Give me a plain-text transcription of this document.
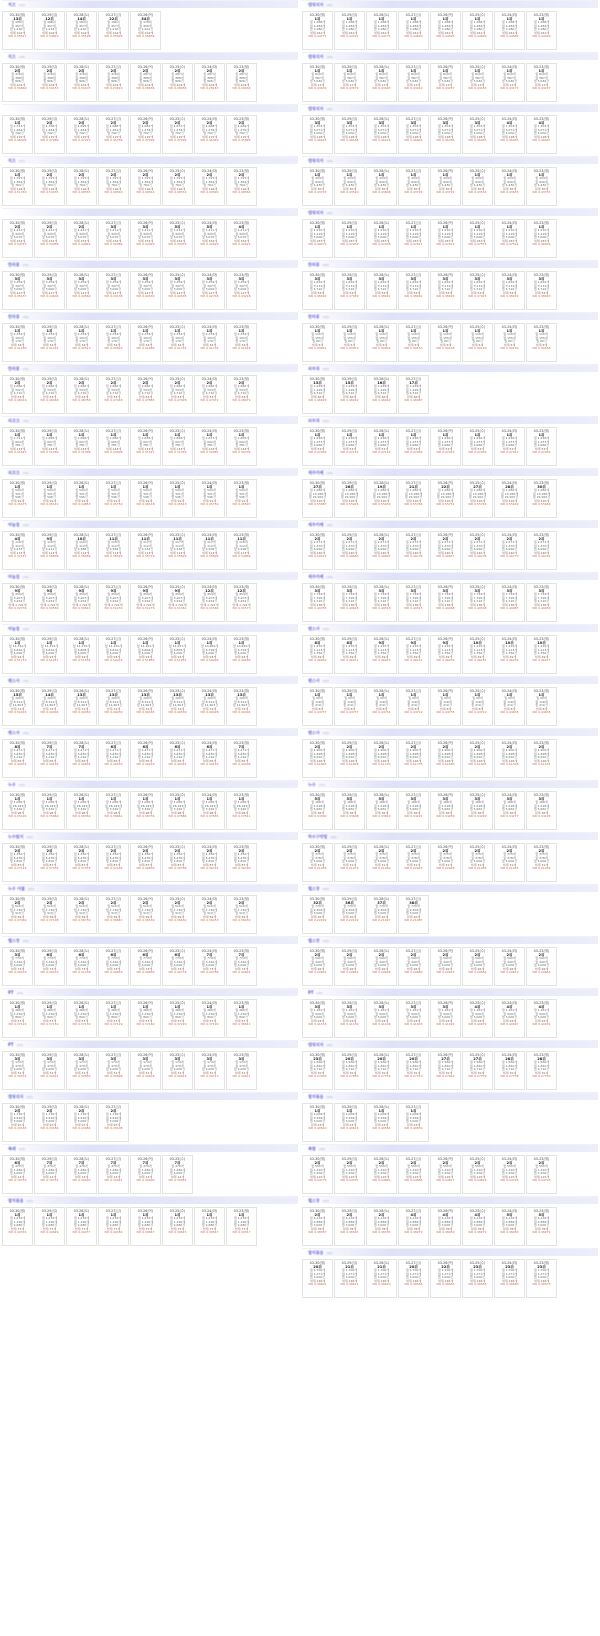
치즈 (31)
03-30(월)
13위
월 189위
월 457개
월 1,230건
업체 104개
NO 0.35617
03-29(일)
12위
월 188위
월 457개
월 1,224건
업체 104개
NO 0.34810
03-28(토)
14위
월 184위
월 457개
월 1,220건
업체 104개
NO 0.35198
03-27(금)
22위
월 180위
월 457개
월 1,210건
업체 104개
NO 0.35928
03-26(목)
34위
월 178위
월 456개
월 1,201건
업체 104개
NO 0.36634
치즈 (29)
03-30(월)
2위
월 318위
월 388개
월 806건
업체 104개
NO 0.30660
03-29(일)
2위
월 318위
월 388개
월 806건
업체 104개
NO 0.30153
03-28(토)
2위
월 318위
월 388개
월 806건
업체 104개
NO 0.30107
03-27(금)
2위
월 318위
월 388개
월 806건
업체 104개
NO 0.29610
03-26(목)
2위
월 287위
월 388개
월 806건
업체 104개
NO 0.28636
03-25(수)
2위
월 287위
월 388개
월 806건
업체 104개
NO 0.28058
03-24(화)
2위
월 287위
월 388개
월 806건
업체 104개
NO 0.28167
03-23(월)
2위
월 287위
월 388개
월 806건
업체 104개
NO 0.29032
03-30(월)
1위
월 1,713개
월 1,464개
월 792건
업체 115개
NO 0.46405
03-29(일)
2위
월 1,706개
월 1,463개
월 792건
업체 115개
NO 0.47080
03-28(토)
2위
월 1,695개
월 1,463개
월 792건
업체 115개
NO 0.47223
03-27(금)
2위
월 1,688개
월 1,461개
월 792건
업체 115개
NO 0.45756
03-26(목)
2위
월 1,682개
월 1,478개
월 792건
업체 115개
NO 0.47092
03-25(수)
2위
월 1,672개
월 1,478개
월 792건
업체 115개
NO 0.47092
03-24(화)
2위
월 1,668개
월 1,476개
월 792건
업체 115개
NO 0.46340
03-23(월)
2위
월 1,669개
월 1,470개
월 792건
업체 115개
NO 0.45828
치즈 (31)
03-30(월)
1위
월 1,797개
월 1,364개
월 764건
업체 116개
NO 0.51740
03-29(일)
2위
월 1,797개
월 1,364개
월 764건
업체 116개
NO 0.50435
03-28(토)
2위
월 1,797개
월 1,364개
월 764건
업체 116개
NO 0.48355
03-27(금)
2위
월 1,797개
월 1,364개
월 764건
업체 116개
NO 0.49340
03-26(목)
2위
월 1,797개
월 1,364개
월 764건
업체 116개
NO 0.49344
03-25(수)
2위
월 1,797개
월 1,364개
월 764건
업체 116개
NO 0.48742
03-24(화)
2위
월 1,797개
월 1,364개
월 764건
업체 116개
NO 0.49390
03-23(월)
2위
월 1,797개
월 1,364개
월 764건
업체 116개
NO 0.48364
03-30(월)
2위
월 1,411개
월 320개
월 5,076건
업체 154개
NO 0.44743
03-29(일)
2위
월 1,411개
월 320개
월 5,076건
업체 154개
NO 0.44058
03-28(토)
2위
월 1,411개
월 320개
월 5,076건
업체 154개
NO 0.44842
03-27(금)
3위
월 1,411개
월 320개
월 5,076건
업체 154개
NO 0.42982
03-26(목)
3위
월 1,411개
월 320개
월 5,076건
업체 154개
NO 0.43020
03-25(수)
5위
월 1,411개
월 320개
월 5,076건
업체 154개
NO 0.43075
03-24(화)
5위
월 1,411개
월 320개
월 5,076건
업체 154개
NO 0.42620
03-23(월)
4위
월 1,411개
월 320개
월 5,076건
업체 154개
NO 0.42621
한라봉 (20)
03-30(월)
3위
월 3,359개
월 407개
월 3,000건
업체 127개
NO 0.45157
03-29(일)
3위
월 3,359개
월 407개
월 3,000건
업체 127개
NO 0.44604
03-28(토)
3위
월 3,359개
월 407개
월 3,000건
업체 127개
NO 0.44560
03-27(금)
3위
월 3,359개
월 407개
월 3,000건
업체 127개
NO 0.43138
03-26(목)
3위
월 3,359개
월 407개
월 3,000건
업체 127개
NO 0.42630
03-25(수)
3위
월 3,359개
월 407개
월 3,000건
업체 127개
NO 0.42635
03-24(화)
3위
월 3,359개
월 407개
월 3,000건
업체 127개
NO 0.42748
03-23(월)
3위
월 3,359개
월 407개
월 3,000건
업체 127개
NO 0.43218
한라봉 (20)
03-30(월)
1위
월 2,334개
월 163개
월 170건
업체 34개
NO 0.41180
03-29(일)
1위
월 2,334개
월 163개
월 170건
업체 34개
NO 0.41291
03-28(토)
1위
월 2,334개
월 163개
월 170건
업체 34개
NO 0.42513
03-27(금)
1위
월 2,334개
월 163개
월 170건
업체 34개
NO 0.42820
03-26(목)
1위
월 2,334개
월 163개
월 170건
업체 34개
NO 0.41682
03-25(수)
1위
월 2,334개
월 163개
월 170건
업체 34개
NO 0.41742
03-24(화)
1위
월 2,334개
월 163개
월 170건
업체 34개
NO 0.41732
03-23(월)
1위
월 2,334개
월 163개
월 170건
업체 34개
NO 0.41616
한라봉 (20)
03-30(월)
2위
월 4,660개
월 702개
월 4,710건
업체 53개
NO 0.48916
03-29(일)
2위
월 4,660개
월 704개
월 4,710건
업체 53개
NO 0.49468
03-28(토)
2위
월 4,660개
월 704개
월 4,710건
업체 53개
NO 0.48758
03-27(금)
2위
월 4,660개
월 704개
월 4,710건
업체 53개
NO 0.47948
03-26(목)
2위
월 4,660개
월 704개
월 4,710건
업체 53개
NO 0.47883
03-25(수)
2위
월 4,660개
월 704개
월 4,710건
업체 53개
NO 0.47928
03-24(화)
2위
월 4,660개
월 704개
월 4,710건
업체 53개
NO 0.47972
03-23(월)
2위
월 4,660개
월 704개
월 4,710건
업체 53개
NO 0.48979
피코크 (30)
03-30(월)
1위
월 1,711개
월 604개
월 281건
업체 143개
NO 0.31643
03-29(일)
1위
월 1,695개
월 607개
월 281건
업체 143개
NO 0.31260
03-28(토)
1위
월 1,690개
월 607개
월 281건
업체 143개
NO 0.31306
03-27(금)
1위
월 1,660개
월 605개
월 281건
업체 143개
NO 0.30998
03-26(목)
1위
월 1,636개
월 607개
월 281건
업체 143개
NO 0.31527
03-25(수)
1위
월 1,626개
월 607개
월 281건
업체 143개
NO 0.31463
03-24(화)
1위
월 1,617개
월 602개
월 281건
업체 143개
NO 0.30987
03-23(월)
1위
월 1,605개
월 602개
월 281건
업체 143개
NO 0.30703
피코크 (30)
03-30(월)
1위
월 590개
월 321개
월 596건
업체 91개
NO 0.45475
03-29(일)
1위
월 590개
월 321개
월 596건
업체 91개
NO 0.45141
03-28(토)
1위
월 590개
월 321개
월 596건
업체 91개
NO 0.44853
03-27(금)
1위
월 590개
월 321개
월 596건
업체 91개
NO 0.45750
03-26(목)
1위
월 590개
월 321개
월 596건
업체 91개
NO 0.46118
03-25(수)
1위
월 590개
월 321개
월 596건
업체 91개
NO 0.45613
03-24(화)
1위
월 590개
월 321개
월 596건
업체 91개
NO 0.45759
03-23(월)
1위
월 590개
월 321개
월 596건
업체 91개
NO 0.45597
마늘칩 (24)
03-30(월)
4위
월 119개
월 112개
월 4,433건
업체 113개
NO 0.37147
03-29(일)
9위
월 119개
월 112개
월 4,411건
업체 113개
NO 0.36836
03-28(토)
10위
월 119개
월 112개
월 4,386건
업체 113개
NO 0.36489
03-27(금)
11위
월 118개
월 112개
월 4,369건
업체 113개
NO 0.36529
03-26(목)
11위
월 117개
월 112개
월 4,344건
업체 113개
NO 0.35719
03-25(수)
11위
월 117개
월 112개
월 4,326건
업체 113개
NO 0.35629
03-24(화)
11위
월 117개
월 112개
월 4,306건
업체 113개
NO 0.35895
03-23(월)
11위
월 116개
월 112개
월 4,296건
업체 113개
NO 0.34969
마늘칩 (24)
03-30(월)
9위
월 454개
월 3,207개
월 3,254건
업체 1,721개
NO 0.32736
03-29(일)
9위
월 454개
월 3,207개
월 3,254건
업체 1,721개
NO 0.30589
03-28(토)
9위
월 454개
월 3,207개
월 3,254건
업체 1,721개
NO 0.30641
03-27(금)
9위
월 454개
월 3,207개
월 3,254건
업체 1,721개
NO 0.31230
03-26(목)
9위
월 454개
월 3,207개
월 3,254건
업체 1,721개
NO 0.31276
03-25(수)
9위
월 454개
월 3,207개
월 3,254건
업체 1,721개
NO 0.31361
03-24(화)
12위
월 454개
월 3,207개
월 3,254건
업체 1,721개
NO 0.31566
03-23(월)
12위
월 454개
월 3,207개
월 3,254건
업체 1,721개
NO 0.31573
마늘칩 (24)
03-30(월)
1위
월 11,334개
월 6,820개
월 5,000건
업체 93개
NO 0.51710
03-29(일)
1위
월 11,312개
월 6,810개
월 5,000건
업체 93개
NO 0.51457
03-28(토)
1위
월 11,276개
월 6,808개
월 5,000건
업체 93개
NO 0.51534
03-27(금)
1위
월 11,220개
월 6,810개
월 5,000건
업체 93개
NO 0.52474
03-26(목)
1위
월 11,161개
월 6,806개
월 5,000건
업체 93개
NO 0.51863
03-25(수)
1위
월 11,047개
월 6,805개
월 5,000건
업체 93개
NO 0.51952
03-24(화)
1위
월 10,960개
월 6,799개
월 5,000건
업체 93개
NO 0.50299
03-23(월)
1위
월 10,920개
월 6,794개
월 5,000건
업체 93개
NO 0.49182
밴스사 (30)
03-30(월)
15위
월 100개
월 6,311개
월 11,603건
업체 72개
NO 0.50224
03-29(일)
14위
월 100개
월 6,311개
월 11,603건
업체 72개
NO 0.49904
03-28(토)
13위
월 100개
월 6,311개
월 11,603건
업체 72개
NO 0.49450
03-27(금)
13위
월 100개
월 6,311개
월 11,603건
업체 72개
NO 0.49230
03-26(목)
13위
월 100개
월 6,311개
월 11,603건
업체 72개
NO 0.49165
03-25(수)
13위
월 100개
월 6,311개
월 11,603건
업체 72개
NO 0.49539
03-24(화)
13위
월 100개
월 6,311개
월 11,603건
업체 72개
NO 0.49428
03-23(월)
13위
월 100개
월 6,311개
월 11,603건
업체 72개
NO 0.49494
밴스사 (30)
03-30(월)
8위
월 4,471개
월 3,630개
월 1,140건
업체 65개
NO 0.40072
03-29(일)
7위
월 4,471개
월 3,630개
월 1,140건
업체 65개
NO 0.40162
03-28(토)
7위
월 4,471개
월 3,630개
월 1,140건
업체 65개
NO 0.40634
03-27(금)
6위
월 4,471개
월 3,630개
월 1,140건
업체 65개
NO 0.40533
03-26(목)
6위
월 4,471개
월 3,630개
월 1,140건
업체 65개
NO 0.40219
03-25(수)
6위
월 4,471개
월 3,630개
월 1,140건
업체 65개
NO 0.40344
03-24(화)
6위
월 4,471개
월 3,630개
월 1,140건
업체 65개
NO 0.40163
03-23(월)
7위
월 4,471개
월 3,630개
월 1,140건
업체 65개
NO 0.40306
누수 (20)
03-30(월)
1위
월 1,060개
월 26,163개
월 3,320건
업체 98개
NO 0.35190
03-29(일)
1위
월 1,060개
월 26,163개
월 3,320건
업체 98개
NO 0.35860
03-28(토)
1위
월 1,060개
월 26,163개
월 3,320건
업체 98개
NO 0.38369
03-27(금)
1위
월 1,060개
월 26,163개
월 3,320건
업체 98개
NO 0.38661
03-26(목)
1위
월 1,060개
월 26,163개
월 3,320건
업체 98개
NO 0.38736
03-25(수)
1위
월 1,060개
월 26,163개
월 3,320건
업체 98개
NO 0.37886
03-24(화)
1위
월 1,060개
월 26,163개
월 3,320건
업체 98개
NO 0.37835
03-23(월)
1위
월 1,060개
월 26,163개
월 3,320건
업체 98개
NO 0.37811
누수탐지 (25)
03-30(월)
2위
월 1,350개
월 6,430개
월 2,500건
업체 87개
NO 0.37114
03-29(일)
2위
월 1,350개
월 6,430개
월 2,500건
업체 87개
NO 0.37032
03-28(토)
2위
월 1,350개
월 6,430개
월 2,500건
업체 87개
NO 0.37075
03-27(금)
2위
월 1,350개
월 6,430개
월 2,500건
업체 87개
NO 0.37165
03-26(목)
2위
월 1,350개
월 6,430개
월 2,500건
업체 87개
NO 0.36830
03-25(수)
2위
월 1,350개
월 6,430개
월 2,500건
업체 87개
NO 0.36766
03-24(화)
2위
월 1,350개
월 6,430개
월 2,500건
업체 87개
NO 0.36791
03-23(월)
2위
월 1,350개
월 6,430개
월 2,500건
업체 87개
NO 0.36790
누수 어플 (20)
03-30(월)
2위
월 510개
월 1,740개
월 910건
업체 59개
NO 0.37469
03-29(일)
2위
월 510개
월 1,740개
월 910건
업체 59개
NO 0.37108
03-28(토)
2위
월 510개
월 1,740개
월 910건
업체 59개
NO 0.36739
03-27(금)
2위
월 510개
월 1,740개
월 910건
업체 59개
NO 0.36867
03-26(목)
2위
월 510개
월 1,740개
월 910건
업체 59개
NO 0.36539
03-25(수)
2위
월 510개
월 1,740개
월 910건
업체 59개
NO 0.36632
03-24(화)
2위
월 510개
월 1,740개
월 910건
업체 59개
NO 0.36253
03-23(월)
2위
월 510개
월 1,740개
월 910건
업체 59개
NO 0.36030
헬스장 (20)
03-30(월)
3위
월 774개
월 3,320개
월 3,000건
업체 73개
NO 0.40479
03-29(일)
6위
월 774개
월 3,320개
월 3,000건
업체 73개
NO 0.40470
03-28(토)
6위
월 774개
월 3,320개
월 3,000건
업체 73개
NO 0.41238
03-27(금)
6위
월 774개
월 3,320개
월 3,000건
업체 73개
NO 0.40879
03-26(목)
6위
월 774개
월 3,320개
월 3,000건
업체 73개
NO 0.40830
03-25(수)
6위
월 774개
월 3,320개
월 3,000건
업체 73개
NO 0.40776
03-24(화)
7위
월 774개
월 3,320개
월 3,000건
업체 73개
NO 0.40786
03-23(월)
7위
월 774개
월 3,320개
월 3,000건
업체 73개
NO 0.40601
PT (20)
03-30(월)
1위
월 380개
월 1,230개
월 800건
업체 57개
NO 0.37124
03-29(일)
1위
월 380개
월 1,230개
월 800건
업체 57개
NO 0.37159
03-28(토)
1위
월 380개
월 1,230개
월 800건
업체 57개
NO 0.37130
03-27(금)
1위
월 380개
월 1,230개
월 800건
업체 57개
NO 0.37129
03-26(목)
1위
월 380개
월 1,230개
월 800건
업체 57개
NO 0.37160
03-25(수)
1위
월 380개
월 1,230개
월 800건
업체 57개
NO 0.37220
03-24(화)
1위
월 380개
월 1,230개
월 800건
업체 57개
NO 0.37190
03-23(월)
1위
월 380개
월 1,230개
월 800건
업체 57개
NO 0.36811
PT (20)
03-30(월)
3위
월 174개
월 470개
월 4,000건
업체 31개
NO 0.30572
03-29(일)
3위
월 174개
월 470개
월 4,000건
업체 31개
NO 0.30421
03-28(토)
3위
월 174개
월 470개
월 4,000건
업체 31개
NO 0.30583
03-27(금)
3위
월 174개
월 470개
월 4,000건
업체 31개
NO 0.30698
03-26(목)
3위
월 174개
월 470개
월 4,000건
업체 31개
NO 0.30678
03-25(수)
3위
월 174개
월 470개
월 4,000건
업체 31개
NO 0.30614
03-24(화)
3위
월 174개
월 470개
월 4,000건
업체 31개
NO 0.30713
03-23(월)
3위
월 174개
월 470개
월 4,000건
업체 31개
NO 0.30671
캠핑의자 (20)
03-30(월)
2위
월 1,726개
월 4,910개
월 5,000건
업체 97개
NO 0.43165
03-29(일)
2위
월 1,726개
월 4,910개
월 5,000건
업체 97개
NO 0.43184
03-28(토)
2위
월 1,726개
월 4,910개
월 5,000건
업체 97개
NO 0.43084
03-27(금)
2위
월 1,726개
월 4,910개
월 5,000건
업체 97개
NO 0.43108
족쇄 (20)
03-30(월)
6위
월 470개
월 1,280개
월 3,000건
업체 12개
NO 0.30750
03-29(일)
7위
월 470개
월 1,280개
월 3,000건
업체 12개
NO 0.30752
03-28(토)
7위
월 470개
월 1,280개
월 3,000건
업체 12개
NO 0.30403
03-27(금)
7위
월 470개
월 1,280개
월 3,000건
업체 12개
NO 0.30341
03-26(목)
7위
월 470개
월 1,280개
월 3,000건
업체 12개
NO 0.30300
03-25(수)
7위
월 470개
월 1,280개
월 3,000건
업체 12개
NO 0.30361
멸치볶음 (20)
03-30(월)
1위
월 2,234개
월 1,190개
월 2,680건
업체 77개
NO 0.40724
03-29(일)
1위
월 2,234개
월 1,190개
월 2,680건
업체 77개
NO 0.40629
03-28(토)
1위
월 2,234개
월 1,190개
월 2,680건
업체 77개
NO 0.40277
03-27(금)
1위
월 2,234개
월 1,190개
월 2,680건
업체 77개
NO 0.40180
03-26(목)
1위
월 2,234개
월 1,190개
월 2,680건
업체 77개
NO 0.39847
03-25(수)
1위
월 2,234개
월 1,190개
월 2,680건
업체 77개
NO 0.39615
03-24(화)
1위
월 2,234개
월 1,190개
월 2,680건
업체 77개
NO 0.39547
03-23(월)
1위
월 2,234개
월 1,190개
월 2,680건
업체 77개
NO 0.39317
캠핑의자 (30)
03-30(월)
1위
월 1,268개
월 2,484개
월 3,180건
업체 161개
NO 0.44771
03-29(일)
1위
월 1,268개
월 2,484개
월 3,180건
업체 161개
NO 0.44722
03-28(토)
1위
월 1,268개
월 2,484개
월 3,180건
업체 161개
NO 0.44733
03-27(금)
1위
월 1,268개
월 2,484개
월 3,180건
업체 161개
NO 0.44620
03-26(목)
1위
월 1,268개
월 2,484개
월 3,180건
업체 161개
NO 0.44595
03-25(수)
1위
월 1,268개
월 2,484개
월 3,180건
업체 161개
NO 0.44600
03-24(화)
1위
월 1,268개
월 2,484개
월 3,180건
업체 161개
NO 0.44582
03-23(월)
1위
월 1,268개
월 2,484개
월 3,180건
업체 161개
NO 0.44390
캠핑의자 (30)
03-30(월)
1위
월 810개
월 587개
월 3,040건
업체 11개
NO 0.43630
03-29(일)
1위
월 810개
월 587개
월 3,040건
업체 11개
NO 0.43579
03-28(토)
1위
월 810개
월 587개
월 3,040건
업체 11개
NO 0.43493
03-27(금)
1위
월 810개
월 587개
월 3,040건
업체 11개
NO 0.43410
03-26(목)
1위
월 810개
월 587개
월 3,040건
업체 11개
NO 0.43257
03-25(수)
1위
월 810개
월 587개
월 3,040건
업체 11개
NO 0.43183
03-24(화)
1위
월 810개
월 587개
월 3,040건
업체 11개
NO 0.43173
03-23(월)
1위
월 810개
월 587개
월 3,040건
업체 11개
NO 0.43237
캠핑의자 (30)
03-30(월)
3위
월 1,303개
월 3,071개
월 5,000건
업체 128개
NO 0.46625
03-29(일)
3위
월 1,303개
월 3,071개
월 5,000건
업체 128개
NO 0.46188
03-28(토)
3위
월 1,303개
월 3,071개
월 5,000건
업체 128개
NO 0.46216
03-27(금)
3위
월 1,303개
월 3,071개
월 5,000건
업체 128개
NO 0.46604
03-26(목)
3위
월 1,303개
월 3,071개
월 5,000건
업체 128개
NO 0.45784
03-25(수)
3위
월 1,303개
월 3,071개
월 5,000건
업체 128개
NO 0.45983
03-24(화)
4위
월 1,303개
월 3,071개
월 5,000건
업체 128개
NO 0.45983
03-23(월)
4위
월 1,303개
월 3,071개
월 5,000건
업체 128개
NO 0.46067
캠핑의자 (30)
03-30(월)
1위
월 304개
월 900개
월 4,230건
업체 30개
NO 0.43745
03-29(일)
1위
월 304개
월 900개
월 4,230건
업체 30개
NO 0.43520
03-28(토)
1위
월 304개
월 900개
월 4,230건
업체 30개
NO 0.43608
03-27(금)
1위
월 304개
월 900개
월 4,230건
업체 30개
NO 0.43728
03-26(목)
1위
월 304개
월 900개
월 4,230건
업체 30개
NO 0.43724
03-25(수)
1위
월 304개
월 900개
월 4,230건
업체 30개
NO 0.43534
03-24(화)
1위
월 304개
월 900개
월 4,230건
업체 30개
NO 0.43635
03-23(월)
1위
월 304개
월 900개
월 4,230건
업체 30개
NO 0.43755
캠핑의자 (30)
03-30(월)
1위
월 1,210개
월 1,219개
월 5,000건
업체 187개
NO 0.49279
03-29(일)
1위
월 1,210개
월 1,219개
월 5,000건
업체 187개
NO 0.47952
03-28(토)
1위
월 1,210개
월 1,219개
월 5,000건
업체 187개
NO 0.47938
03-27(금)
1위
월 1,210개
월 1,219개
월 5,000건
업체 187개
NO 0.47611
03-26(목)
1위
월 1,210개
월 1,219개
월 5,000건
업체 187개
NO 0.47619
03-25(수)
1위
월 1,210개
월 1,219개
월 5,000건
업체 187개
NO 0.47575
03-24(화)
1위
월 1,210개
월 1,219개
월 5,000건
업체 187개
NO 0.47542
03-23(월)
1위
월 1,210개
월 1,219개
월 5,000건
업체 187개
NO 0.46959
한라봉 (20)
03-30(월)
3위
월 1,810개
월 3,131개
월 1,710건
업체 54개
NO 0.38324
03-29(일)
3위
월 1,810개
월 3,131개
월 1,710건
업체 54개
NO 0.37939
03-28(토)
3위
월 1,810개
월 3,131개
월 1,710건
업체 54개
NO 0.38041
03-27(금)
3위
월 1,810개
월 3,131개
월 1,710건
업체 54개
NO 0.38061
03-26(목)
3위
월 1,810개
월 3,131개
월 1,710건
업체 54개
NO 0.38026
03-25(수)
3위
월 1,810개
월 3,131개
월 1,710건
업체 54개
NO 0.37915
03-24(화)
3위
월 1,810개
월 3,131개
월 1,710건
업체 54개
NO 0.38016
03-23(월)
3위
월 1,810개
월 3,131개
월 1,710건
업체 54개
NO 0.38093
한라봉 (20)
03-30(월)
1위
월 110개
월 155개
월 80건
업체 5개
NO 0.29941
03-29(일)
1위
월 110개
월 155개
월 80건
업체 5개
NO 0.29970
03-28(토)
1위
월 110개
월 155개
월 80건
업체 5개
NO 0.30004
03-27(금)
1위
월 110개
월 155개
월 80건
업체 5개
NO 0.30153
03-26(목)
1위
월 110개
월 155개
월 80건
업체 5개
NO 0.30148
03-25(수)
1위
월 110개
월 155개
월 80건
업체 5개
NO 0.30140
03-24(화)
1위
월 110개
월 155개
월 80건
업체 5개
NO 0.30150
03-23(월)
1위
월 110개
월 155개
월 80건
업체 5개
NO 0.30158
피부과 (20)
03-30(월)
13위
월 1,249개
월 1,220개
월 6,310건
업체 46개
NO 0.46026
03-29(일)
15위
월 1,249개
월 1,220개
월 6,310건
업체 46개
NO 0.46042
03-28(토)
16위
월 1,249개
월 1,220개
월 6,310건
업체 46개
NO 0.46044
03-27(금)
17위
월 1,249개
월 1,220개
월 6,310건
업체 46개
NO 0.46087
피부과 (20)
03-30(월)
1위
월 1,246개
월 1,237개
월 4,960건
업체 53개
NO 0.47089
03-29(일)
1위
월 1,246개
월 1,237개
월 4,960건
업체 53개
NO 0.47152
03-28(토)
1위
월 1,246개
월 1,237개
월 4,960건
업체 53개
NO 0.47122
03-27(금)
1위
월 1,246개
월 1,237개
월 4,960건
업체 53개
NO 0.47089
03-26(목)
1위
월 1,246개
월 1,237개
월 4,960건
업체 53개
NO 0.47043
03-25(수)
1위
월 1,246개
월 1,237개
월 4,960건
업체 53개
NO 0.47004
03-24(화)
1위
월 1,246개
월 1,237개
월 4,960건
업체 53개
NO 0.47012
03-23(월)
1위
월 1,246개
월 1,237개
월 4,960건
업체 53개
NO 0.47004
제주카페 (30)
03-30(월)
27위
월 1,280개
월 13,280개
월 24,000건
업체 310개
NO 0.55887
03-29(일)
26위
월 1,280개
월 13,280개
월 24,000건
업체 310개
NO 0.55926
03-28(토)
19위
월 1,280개
월 13,280개
월 24,000건
업체 310개
NO 0.55930
03-27(금)
21위
월 1,280개
월 13,280개
월 24,000건
업체 310개
NO 0.55766
03-26(목)
22위
월 1,280개
월 13,280개
월 24,000건
업체 310개
NO 0.55751
03-25(수)
27위
월 1,280개
월 13,280개
월 24,000건
업체 310개
NO 0.55746
03-24(화)
28위
월 1,280개
월 13,280개
월 24,000건
업체 310개
NO 0.55649
03-23(월)
30위
월 1,280개
월 13,280개
월 24,000건
업체 310개
NO 0.55644
제주카페 (30)
03-30(월)
2위
월 2,571개
월 1,370개
월 6,990건
업체 240개
NO 0.50512
03-29(일)
2위
월 2,571개
월 1,370개
월 6,990건
업체 240개
NO 0.49683
03-28(토)
2위
월 2,571개
월 1,370개
월 6,990건
업체 240개
NO 0.49893
03-27(금)
2위
월 2,571개
월 1,370개
월 6,990건
업체 240개
NO 0.49736
03-26(목)
2위
월 2,571개
월 1,370개
월 6,990건
업체 240개
NO 0.49657
03-25(수)
2위
월 2,571개
월 1,370개
월 6,990건
업체 240개
NO 0.49706
03-24(화)
2위
월 2,571개
월 1,370개
월 6,990건
업체 240개
NO 0.49770
03-23(월)
2위
월 2,571개
월 1,370개
월 6,990건
업체 240개
NO 0.49764
제주카페 (30)
03-30(월)
3위
월 7,744개
월 7,790개
월 4,710건
업체 436개
NO 0.49783
03-29(일)
3위
월 7,744개
월 7,790개
월 4,710건
업체 436개
NO 0.49628
03-28(토)
3위
월 7,744개
월 7,790개
월 4,710건
업체 436개
NO 0.49518
03-27(금)
3위
월 7,744개
월 7,790개
월 4,710건
업체 436개
NO 0.49515
03-26(목)
3위
월 7,744개
월 7,790개
월 4,710건
업체 436개
NO 0.49468
03-25(수)
3위
월 7,744개
월 7,790개
월 4,710건
업체 436개
NO 0.49508
03-24(화)
3위
월 7,744개
월 7,790개
월 4,710건
업체 436개
NO 0.49487
03-23(월)
3위
월 7,744개
월 7,790개
월 4,710건
업체 436개
NO 0.49450
밴스사 (30)
03-30(월)
8위
월 1,215개
월 1,113개
월 1,350건
업체 49개
NO 0.46040
03-29(일)
8위
월 1,215개
월 1,113개
월 1,350건
업체 49개
NO 0.46011
03-28(토)
9위
월 1,215개
월 1,113개
월 1,350건
업체 49개
NO 0.46223
03-27(금)
9위
월 1,215개
월 1,113개
월 1,350건
업체 49개
NO 0.46191
03-26(목)
9위
월 1,215개
월 1,113개
월 1,350건
업체 49개
NO 0.46209
03-25(수)
10위
월 1,215개
월 1,113개
월 1,350건
업체 49개
NO 0.46181
03-24(화)
10위
월 1,215개
월 1,113개
월 1,350건
업체 49개
NO 0.46236
03-23(월)
10위
월 1,215개
월 1,113개
월 1,350건
업체 49개
NO 0.46227
밴스사 (30)
03-30(월)
1위
월 93개
월 118개
월 210건
업체 6개
NO 0.44737
03-29(일)
1위
월 93개
월 118개
월 210건
업체 6개
NO 0.44737
03-28(토)
1위
월 93개
월 118개
월 210건
업체 6개
NO 0.44734
03-27(금)
1위
월 93개
월 118개
월 210건
업체 6개
NO 0.44719
03-26(목)
1위
월 93개
월 118개
월 210건
업체 6개
NO 0.44735
03-25(수)
1위
월 93개
월 118개
월 210건
업체 6개
NO 0.44710
03-24(화)
1위
월 93개
월 118개
월 210건
업체 6개
NO 0.44635
03-23(월)
1위
월 93개
월 118개
월 210건
업체 6개
NO 0.44635
밴스사 (30)
03-30(월)
2위
월 1,900개
월 1,628개
월 6,510건
업체 126개
NO 0.51863
03-29(일)
2위
월 1,900개
월 1,628개
월 6,510건
업체 126개
NO 0.51828
03-28(토)
2위
월 1,900개
월 1,628개
월 6,510건
업체 126개
NO 0.51740
03-27(금)
2위
월 1,900개
월 1,628개
월 6,510건
업체 126개
NO 0.51735
03-26(목)
2위
월 1,900개
월 1,628개
월 6,510건
업체 126개
NO 0.51689
03-25(수)
2위
월 1,900개
월 1,628개
월 6,510건
업체 126개
NO 0.51605
03-24(화)
2위
월 1,900개
월 1,628개
월 6,510건
업체 126개
NO 0.51598
03-23(월)
2위
월 1,900개
월 1,628개
월 6,510건
업체 126개
NO 0.51531
누수 (20)
03-30(월)
5위
월 189개
월 1,228개
월 5,650건
업체 36개
NO 0.34390
03-29(일)
5위
월 189개
월 1,228개
월 5,650건
업체 36개
NO 0.33608
03-28(토)
5위
월 189개
월 1,228개
월 5,650건
업체 36개
NO 0.33810
03-27(금)
3위
월 189개
월 1,228개
월 5,650건
업체 36개
NO 0.34224
03-26(목)
3위
월 189개
월 1,228개
월 5,650건
업체 36개
NO 0.34256
03-25(수)
3위
월 189개
월 1,228개
월 5,650건
업체 36개
NO 0.34290
03-24(화)
3위
월 189개
월 1,228개
월 5,650건
업체 36개
NO 0.34277
03-23(월)
3위
월 189개
월 1,228개
월 5,650건
업체 36개
NO 0.34195
하수구막힘 (20)
03-30(월)
2위
월 370개
월 378개
월 4,000건
업체 31개
NO 0.21936
03-29(일)
2위
월 370개
월 378개
월 4,000건
업체 31개
NO 0.21975
03-28(토)
2위
월 370개
월 378개
월 4,000건
업체 31개
NO 0.21960
03-27(금)
2위
월 370개
월 378개
월 4,000건
업체 31개
NO 0.22025
03-26(목)
2위
월 370개
월 378개
월 4,000건
업체 31개
NO 0.22028
03-25(수)
2위
월 370개
월 378개
월 4,000건
업체 31개
NO 0.21983
03-24(화)
2위
월 370개
월 378개
월 4,000건
업체 31개
NO 0.21945
03-23(월)
2위
월 370개
월 378개
월 4,000건
업체 31개
NO 0.21934
헬스장 (20)
03-30(월)
32위
월 770개
월 2,304개
월 3,000건
업체 20개
NO 0.22202
03-29(일)
36위
월 770개
월 2,304개
월 3,000건
업체 20개
NO 0.22149
03-28(토)
37위
월 770개
월 2,304개
월 3,000건
업체 20개
NO 0.21947
03-27(금)
38위
월 770개
월 2,304개
월 3,000건
업체 20개
NO 0.21987
헬스장 (20)
03-30(월)
2위
월 500개
월 440개
월 4,000건
업체 26개
NO 0.29801
03-29(일)
2위
월 500개
월 440개
월 4,000건
업체 26개
NO 0.29844
03-28(토)
2위
월 500개
월 440개
월 4,000건
업체 26개
NO 0.29698
03-27(금)
2위
월 500개
월 440개
월 4,000건
업체 26개
NO 0.29680
03-26(목)
2위
월 500개
월 440개
월 4,000건
업체 26개
NO 0.29615
03-25(수)
2위
월 500개
월 440개
월 4,000건
업체 26개
NO 0.29584
03-24(화)
2위
월 500개
월 440개
월 4,000건
업체 26개
NO 0.29619
03-23(월)
2위
월 500개
월 440개
월 4,000건
업체 26개
NO 0.29663
PT (20)
03-30(월)
3위
월 1,261개
월 929개
월 3,000건
업체 93개
NO 0.41153
03-29(일)
3위
월 1,261개
월 929개
월 3,000건
업체 93개
NO 0.41150
03-28(토)
3위
월 1,261개
월 929개
월 3,000건
업체 93개
NO 0.41106
03-27(금)
3위
월 1,261개
월 929개
월 3,000건
업체 93개
NO 0.41043
03-26(목)
3위
월 1,261개
월 929개
월 3,000건
업체 93개
NO 0.41091
03-25(수)
4위
월 1,261개
월 929개
월 3,000건
업체 93개
NO 0.40974
03-24(화)
4위
월 1,261개
월 929개
월 3,000건
업체 93개
NO 0.40947
03-23(월)
4위
월 1,261개
월 929개
월 3,000건
업체 93개
NO 0.40931
캠핑의자 (20)
03-30(월)
23위
월 1,560개
월 1,840개
월 4,710건
업체 70개
NO 0.27900
03-29(일)
20위
월 1,560개
월 1,840개
월 4,710건
업체 70개
NO 0.27850
03-28(토)
20위
월 1,560개
월 1,840개
월 4,710건
업체 70개
NO 0.27745
03-27(금)
20위
월 1,560개
월 1,840개
월 4,710건
업체 70개
NO 0.27710
03-26(목)
27위
월 1,560개
월 1,840개
월 4,710건
업체 70개
NO 0.27692
03-25(수)
27위
월 1,560개
월 1,840개
월 4,710건
업체 70개
NO 0.27709
03-24(화)
28위
월 1,560개
월 1,840개
월 4,710건
업체 70개
NO 0.27738
03-23(월)
28위
월 1,560개
월 1,840개
월 4,710건
업체 70개
NO 0.27730
멸치볶음 (20)
03-30(월)
1위
월 2,009개
월 2,269개
월 3,000건
업체 23개
NO 0.40540
03-29(일)
1위
월 2,009개
월 2,269개
월 3,000건
업체 23개
NO 0.40616
03-28(토)
1위
월 2,009개
월 2,269개
월 3,000건
업체 23개
NO 0.40581
03-27(금)
1위
월 2,009개
월 2,269개
월 3,000건
업체 23개
NO 0.40559
족발 (30)
03-30(월)
2위
월 550개
월 1,410개
월 2,200건
업체 115개
NO 0.34776
03-29(일)
2위
월 550개
월 1,410개
월 2,200건
업체 115개
NO 0.34767
03-28(토)
2위
월 550개
월 1,410개
월 2,200건
업체 115개
NO 0.34860
03-27(금)
2위
월 550개
월 1,410개
월 2,200건
업체 115개
NO 0.34885
03-26(목)
2위
월 550개
월 1,410개
월 2,200건
업체 115개
NO 0.34817
03-25(수)
2위
월 550개
월 1,410개
월 2,200건
업체 115개
NO 0.34818
03-24(화)
2위
월 550개
월 1,410개
월 2,200건
업체 115개
NO 0.34748
03-23(월)
2위
월 550개
월 1,410개
월 2,200건
업체 115개
NO 0.34793
헬스장 (20)
03-30(월)
2위
월 4,110개
월 4,880개
월 3,000건
업체 78개
NO 0.38357
03-29(일)
2위
월 4,110개
월 4,880개
월 3,000건
업체 78개
NO 0.38345
03-28(토)
2위
월 4,110개
월 4,880개
월 3,000건
업체 78개
NO 0.38335
03-27(금)
4위
월 4,110개
월 4,880개
월 3,000건
업체 78개
NO 0.38270
03-26(목)
4위
월 4,110개
월 4,880개
월 3,000건
업체 78개
NO 0.38250
03-25(수)
4위
월 4,110개
월 4,880개
월 3,000건
업체 78개
NO 0.38272
03-24(화)
5위
월 4,110개
월 4,880개
월 3,000건
업체 78개
NO 0.38283
03-23(월)
5위
월 4,110개
월 4,880개
월 3,000건
업체 78개
NO 0.38274
멸치볶음 (20)
03-30(월)
20위
월 1,700개
월 1,271개
월 3,000건
업체 146개
NO 0.38601
03-29(일)
21위
월 1,700개
월 1,271개
월 3,000건
업체 146개
NO 0.38611
03-28(토)
21위
월 1,700개
월 1,271개
월 3,000건
업체 146개
NO 0.38610
03-27(금)
20위
월 1,700개
월 1,271개
월 3,000건
업체 146개
NO 0.38584
03-26(목)
22위
월 1,700개
월 1,271개
월 3,000건
업체 146개
NO 0.38563
03-25(수)
23위
월 1,700개
월 1,271개
월 3,000건
업체 146개
NO 0.38558
03-24(화)
23위
월 1,700개
월 1,271개
월 3,000건
업체 146개
NO 0.38580
03-23(월)
23위
월 1,700개
월 1,271개
월 3,000건
업체 146개
NO 0.38573
